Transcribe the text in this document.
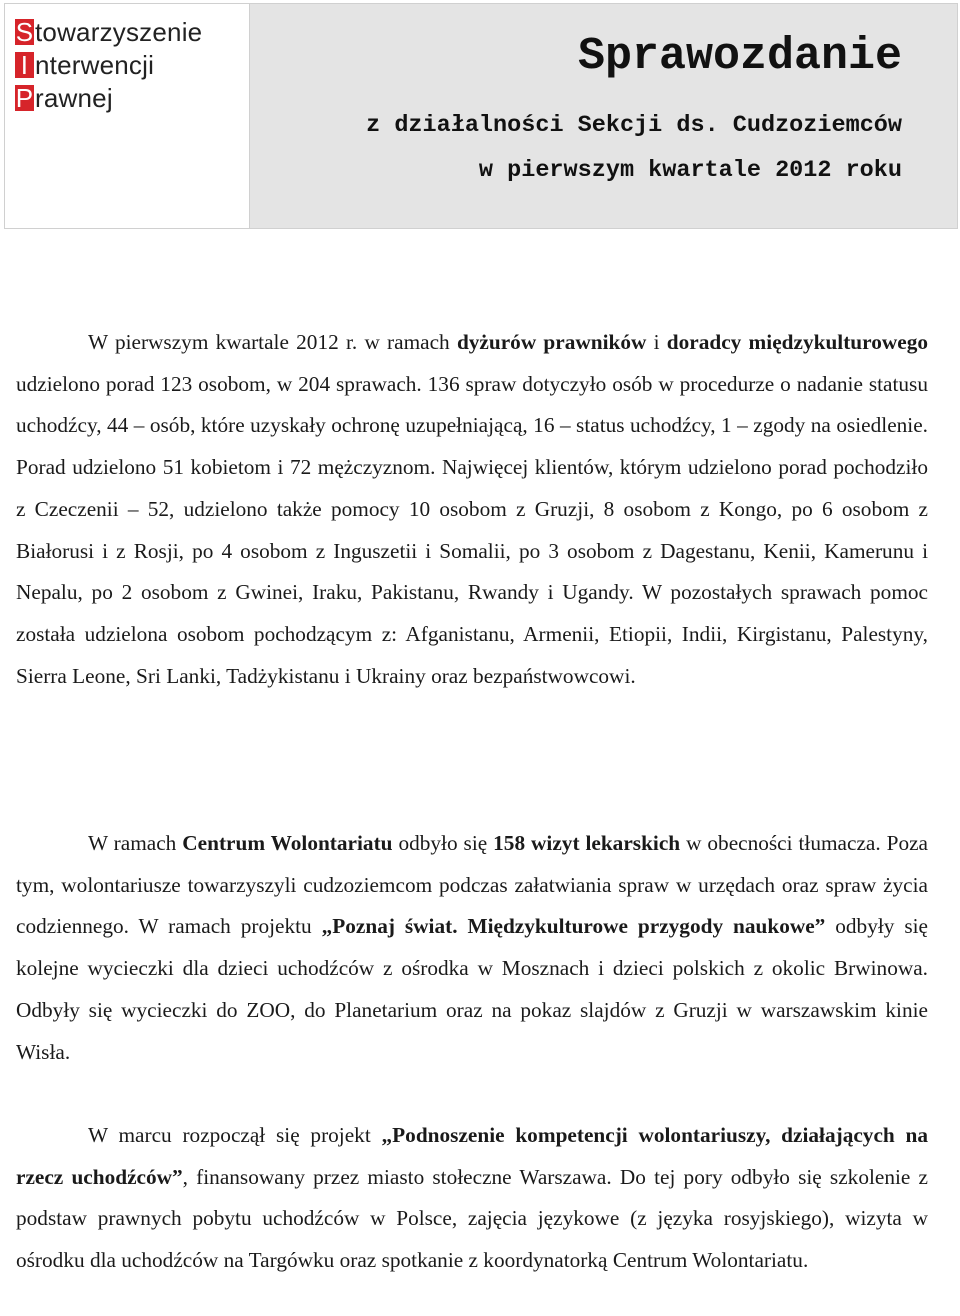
Stowarzyszenie
I nterwencji
Prawnej
Sprawozdanie
z działalności Sekcji ds. Cudzoziemców
w pierwszym kwartale 2012 roku

W pierwszym kwartale 2012 r. w ramach dyżurów prawników i doradcy międzykulturowego udzielono porad 123 osobom, w 204 sprawach. 136 spraw dotyczyło osób w procedurze o nadanie statusu uchodźcy, 44 – osób, które uzyskały ochronę uzupełniającą, 16 – status uchodźcy, 1 – zgody na osiedlenie. Porad udzielono 51 kobietom i 72 mężczyznom. Najwięcej klientów, którym udzielono porad pochodziło z Czeczenii – 52, udzielono także pomocy 10 osobom z Gruzji, 8 osobom z Kongo, po 6 osobom z Białorusi i z Rosji, po 4 osobom z Inguszetii i Somalii, po 3 osobom z Dagestanu, Kenii, Kamerunu i Nepalu, po 2 osobom z Gwinei, Iraku, Pakistanu, Rwandy i Ugandy. W pozostałych sprawach pomoc została udzielona osobom pochodzącym z: Afganistanu, Armenii, Etiopii, Indii, Kirgistanu, Palestyny, Sierra Leone, Sri Lanki, Tadżykistanu i Ukrainy oraz bezpaństwowcowi.

W ramach Centrum Wolontariatu odbyło się 158 wizyt lekarskich w obecności tłumacza. Poza tym, wolontariusze towarzyszyli cudzoziemcom podczas załatwiania spraw w urzędach oraz spraw życia codziennego. W ramach projektu „Poznaj świat. Międzykulturowe przygody naukowe” odbyły się kolejne wycieczki dla dzieci uchodźców z ośrodka w Mosznach i dzieci polskich z okolic Brwinowa. Odbyły się wycieczki do ZOO, do Planetarium oraz na pokaz slajdów z Gruzji w warszawskim kinie Wisła.

W marcu rozpoczął się projekt „Podnoszenie kompetencji wolontariuszy, działających na rzecz uchodźców”, finansowany przez miasto stołeczne Warszawa. Do tej pory odbyło się szkolenie z podstaw prawnych pobytu uchodźców w Polsce, zajęcia językowe (z języka rosyjskiego), wizyta w ośrodku dla uchodźców na Targówku oraz spotkanie z koordynatorką Centrum Wolontariatu.
